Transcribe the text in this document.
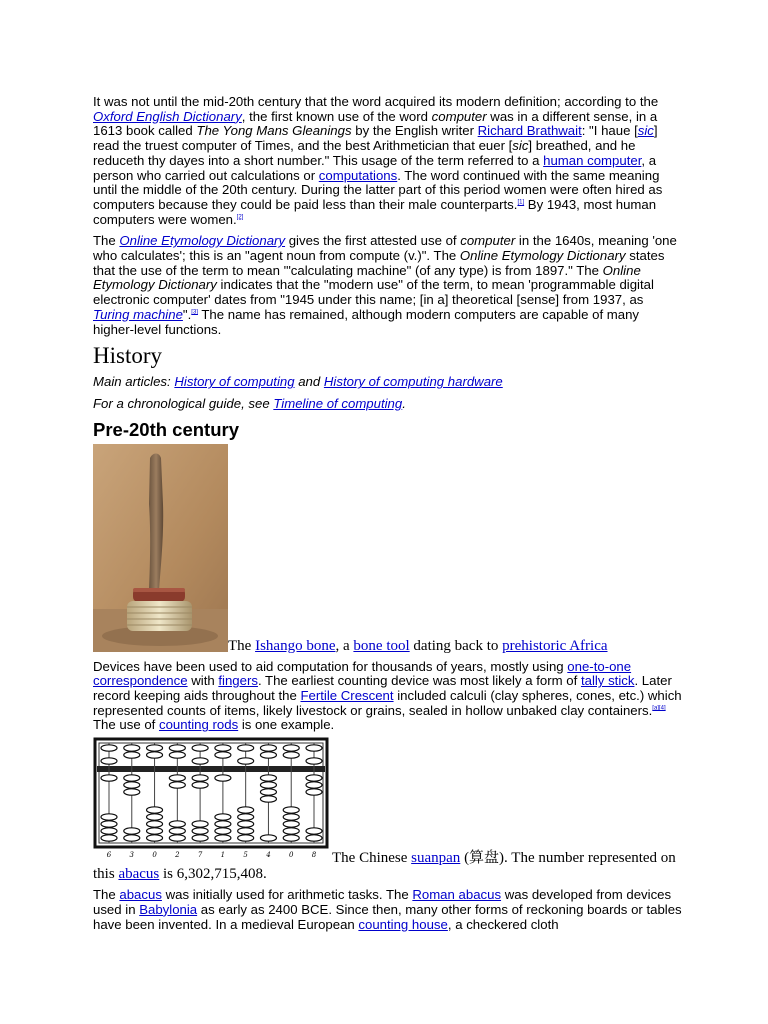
It was not until the mid-20th century that the word acquired its modern definition; according to the Oxford English Dictionary, the first known use of the word computer was in a different sense, in a 1613 book called The Yong Mans Gleanings by the English writer Richard Brathwait: "I haue [sic] read the truest computer of Times, and the best Arithmetician that euer [sic] breathed, and he reduceth thy dayes into a short number." This usage of the term referred to a human computer, a person who carried out calculations or computations. The word continued with the same meaning until the middle of the 20th century. During the latter part of this period women were often hired as computers because they could be paid less than their male counterparts.[1] By 1943, most human computers were women.[2]

The Online Etymology Dictionary gives the first attested use of computer in the 1640s, meaning 'one who calculates'; this is an "agent noun from compute (v.)". The Online Etymology Dictionary states that the use of the term to mean '"calculating machine" (of any type) is from 1897." The Online Etymology Dictionary indicates that the "modern use" of the term, to mean 'programmable digital electronic computer' dates from "1945 under this name; [in a] theoretical [sense] from 1937, as Turing machine".[3] The name has remained, although modern computers are capable of many higher-level functions.

History

Main articles: History of computing and History of computing hardware

For a chronological guide, see Timeline of computing.

Pre-20th century
The Ishango bone, a bone tool dating back to prehistoric Africa

Devices have been used to aid computation for thousands of years, mostly using one-to-one correspondence with fingers. The earliest counting device was most likely a form of tally stick. Later record keeping aids throughout the Fertile Crescent included calculi (clay spheres, cones, etc.) which represented counts of items, likely livestock or grains, sealed in hollow unbaked clay containers.[a][4] The use of counting rods is one example.

6	3	0	2	7	1	5	4	0	8	The Chinese suanpan (算盘). The number represented on this abacus is 6,302,715,408.

The abacus was initially used for arithmetic tasks. The Roman abacus was developed from devices used in Babylonia as early as 2400 BCE. Since then, many other forms of reckoning boards or tables have been invented. In a medieval European counting house, a checkered cloth
